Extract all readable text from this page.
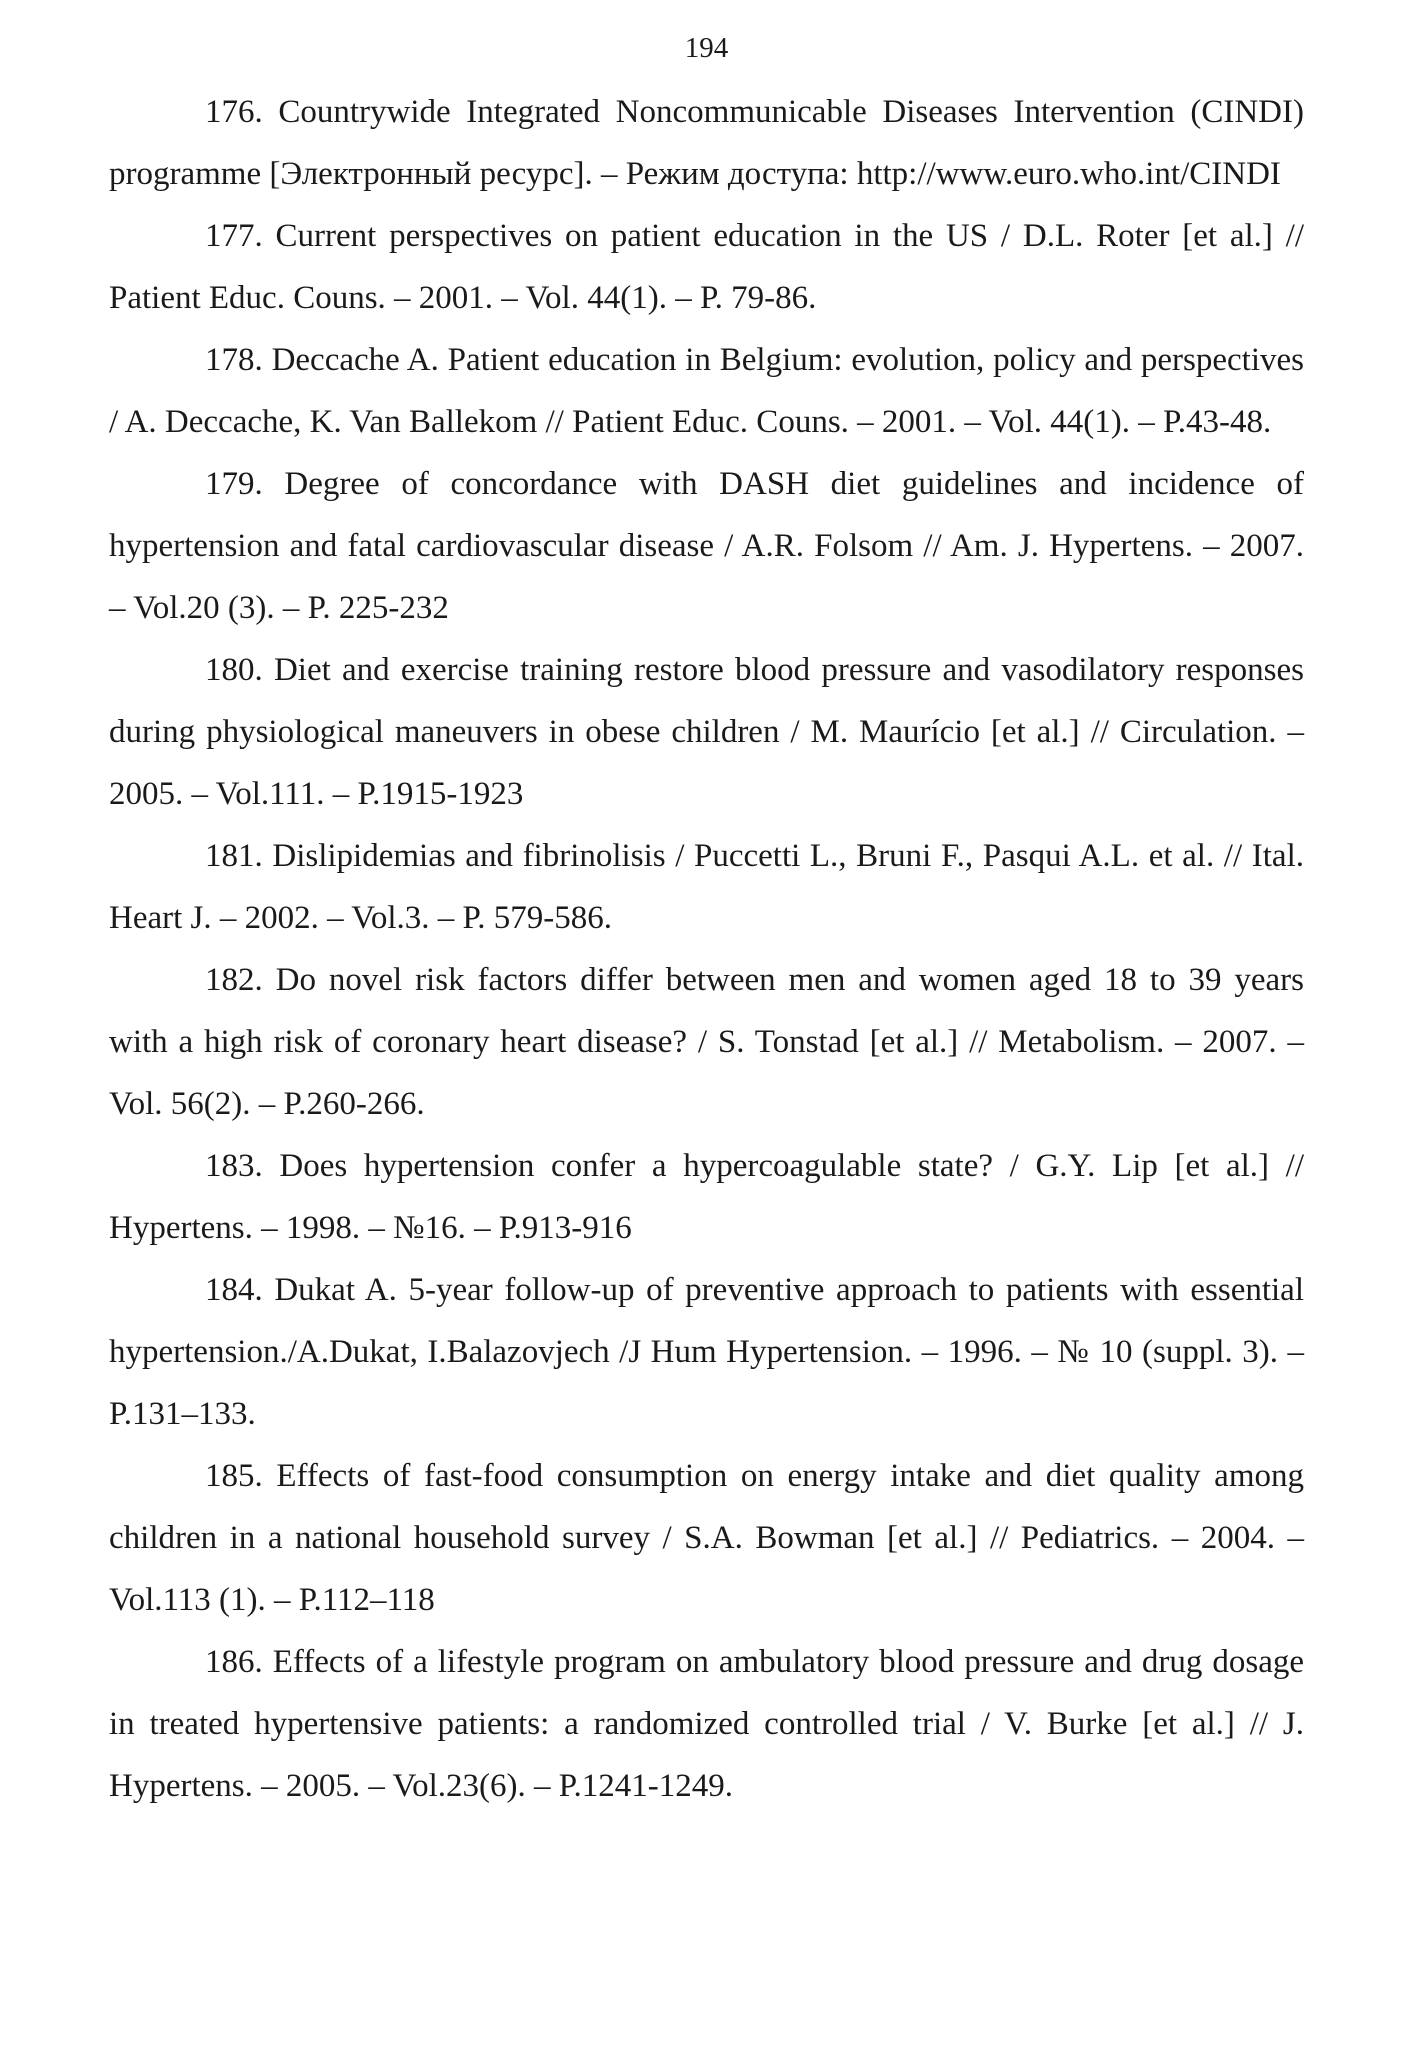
194

176. Countrywide Integrated Noncommunicable Diseases Intervention (CINDI) programme [Электронный ресурс]. – Режим доступа: http://www.euro.who.int/CINDI

177. Current perspectives on patient education in the US / D.L. Roter [et al.] // Patient Educ. Couns. – 2001. – Vol. 44(1). – P. 79-86.

178. Deccache A. Patient education in Belgium: evolution, policy and perspectives / A. Deccache, K. Van Ballekom // Patient Educ. Couns. – 2001. – Vol. 44(1). – P.43-48.

179. Degree of concordance with DASH diet guidelines and incidence of hypertension and fatal cardiovascular disease / A.R. Folsom // Am. J. Hypertens. – 2007. – Vol.20 (3). – P. 225-232

180. Diet and exercise training restore blood pressure and vasodilatory responses during physiological maneuvers in obese children / M. Maurício [et al.] // Circulation. – 2005. – Vol.111. – P.1915-1923

181. Dislipidemias and fibrinolisis / Puccetti L., Bruni F., Pasqui A.L. et al. // Ital. Heart J. – 2002. – Vol.3. – P. 579-586.

182. Do novel risk factors differ between men and women aged 18 to 39 years with a high risk of coronary heart disease? / S. Tonstad [et al.] // Metabolism. – 2007. – Vol. 56(2). – P.260-266.

183. Does hypertension confer a hypercoagulable state? / G.Y. Lip [et al.] // Hypertens. – 1998. – №16. – P.913-916

184. Dukat A. 5-year follow-up of preventive approach to patients with essential hypertension./A.Dukat, I.Balazovjech /J Hum Hypertension. – 1996. – № 10 (suppl. 3). – P.131–133.

185. Effects of fast-food consumption on energy intake and diet quality among children in a national household survey / S.A. Bowman [et al.] // Pediatrics. – 2004. – Vol.113 (1). – P.112–118

186. Effects of a lifestyle program on ambulatory blood pressure and drug dosage in treated hypertensive patients: a randomized controlled trial / V. Burke [et al.] // J. Hypertens. – 2005. – Vol.23(6). – P.1241-1249.
